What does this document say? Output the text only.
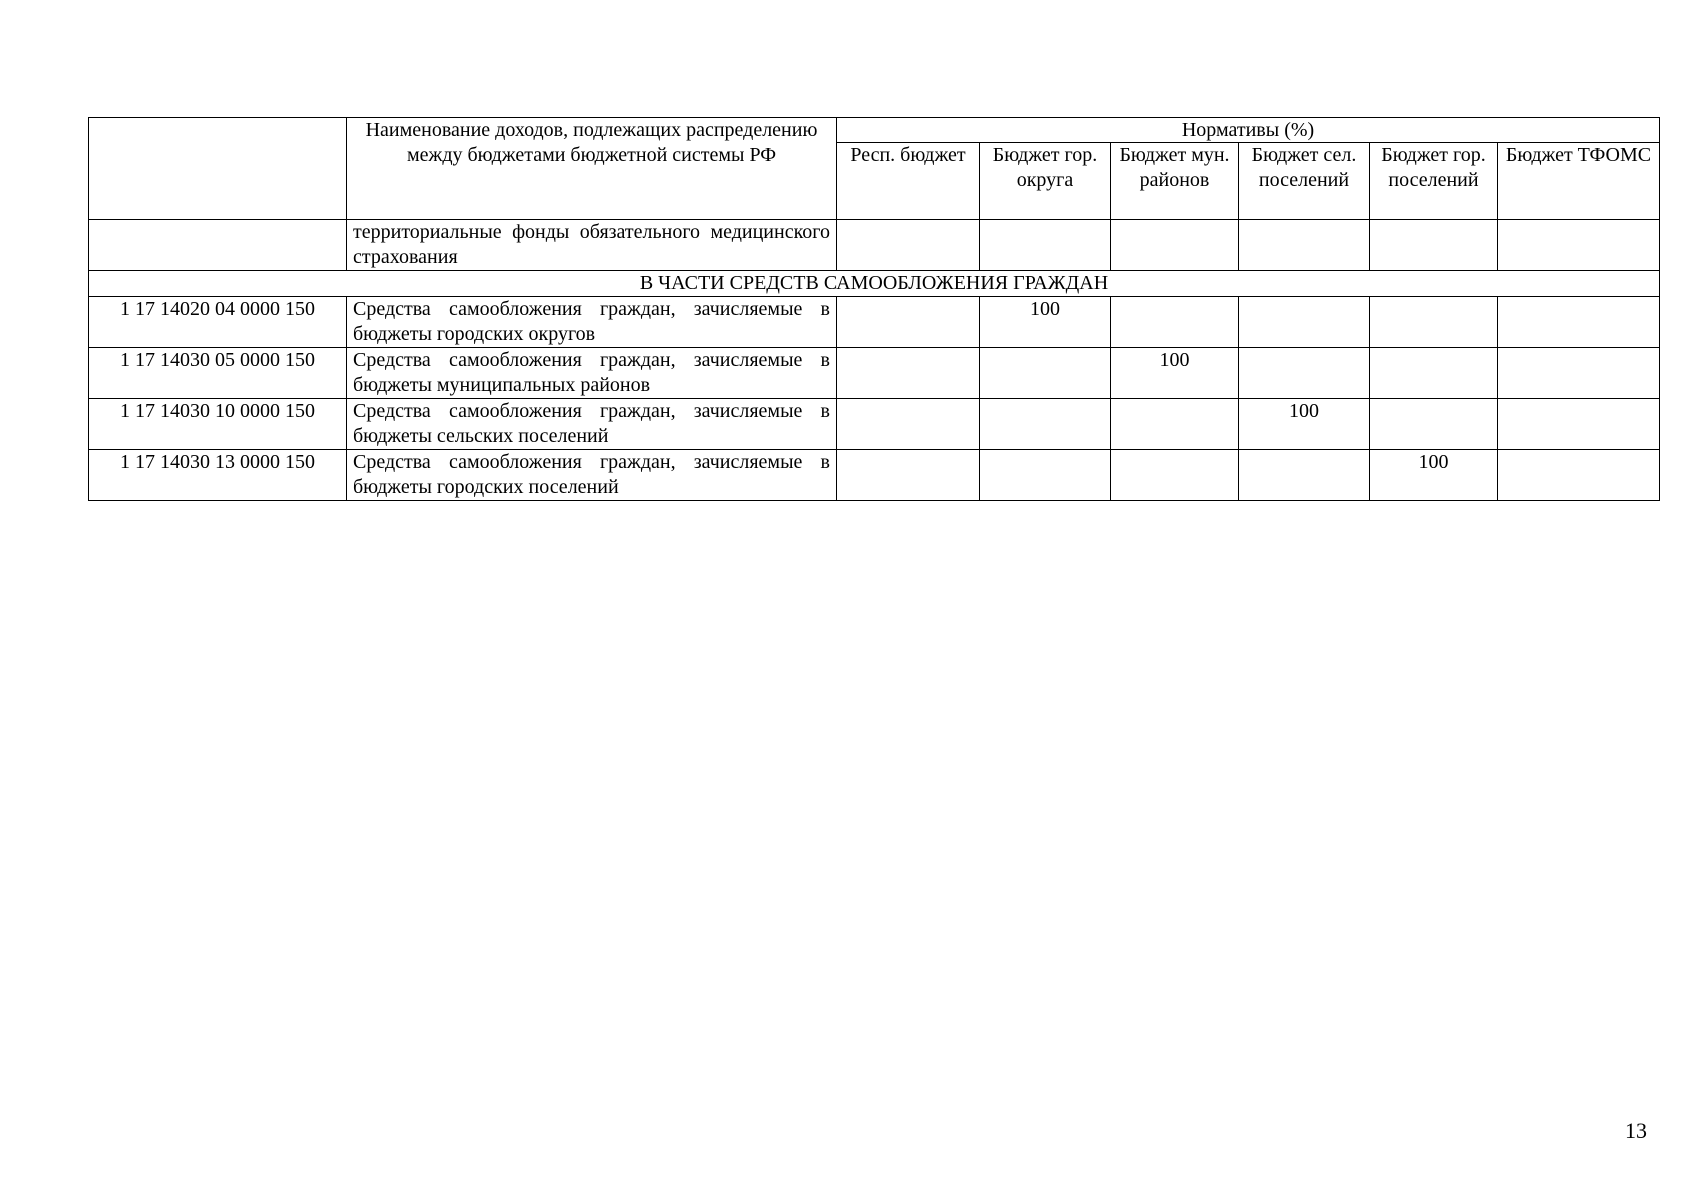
	Наименование доходов, подлежащих распределению между бюджетами бюджетной системы РФ	Нормативы (%)					
		Респ. бюджет	Бюджет гор. округа	Бюджет мун. районов	Бюджет сел. поселений	Бюджет гор. поселений	Бюджет ТФОМС
	территориальные фонды обязательного медицинского страхования						
В ЧАСТИ СРЕДСТВ САМООБЛОЖЕНИЯ ГРАЖДАН							
1 17 14020 04 0000 150	Средства самообложения граждан, зачисляемые в бюджеты городских округов		100				
1 17 14030 05 0000 150	Средства самообложения граждан, зачисляемые в бюджеты муниципальных районов			100			
1 17 14030 10 0000 150	Средства самообложения граждан, зачисляемые в бюджеты сельских поселений				100		
1 17 14030 13 0000 150	Средства самообложения граждан, зачисляемые в бюджеты городских поселений					100	
13
